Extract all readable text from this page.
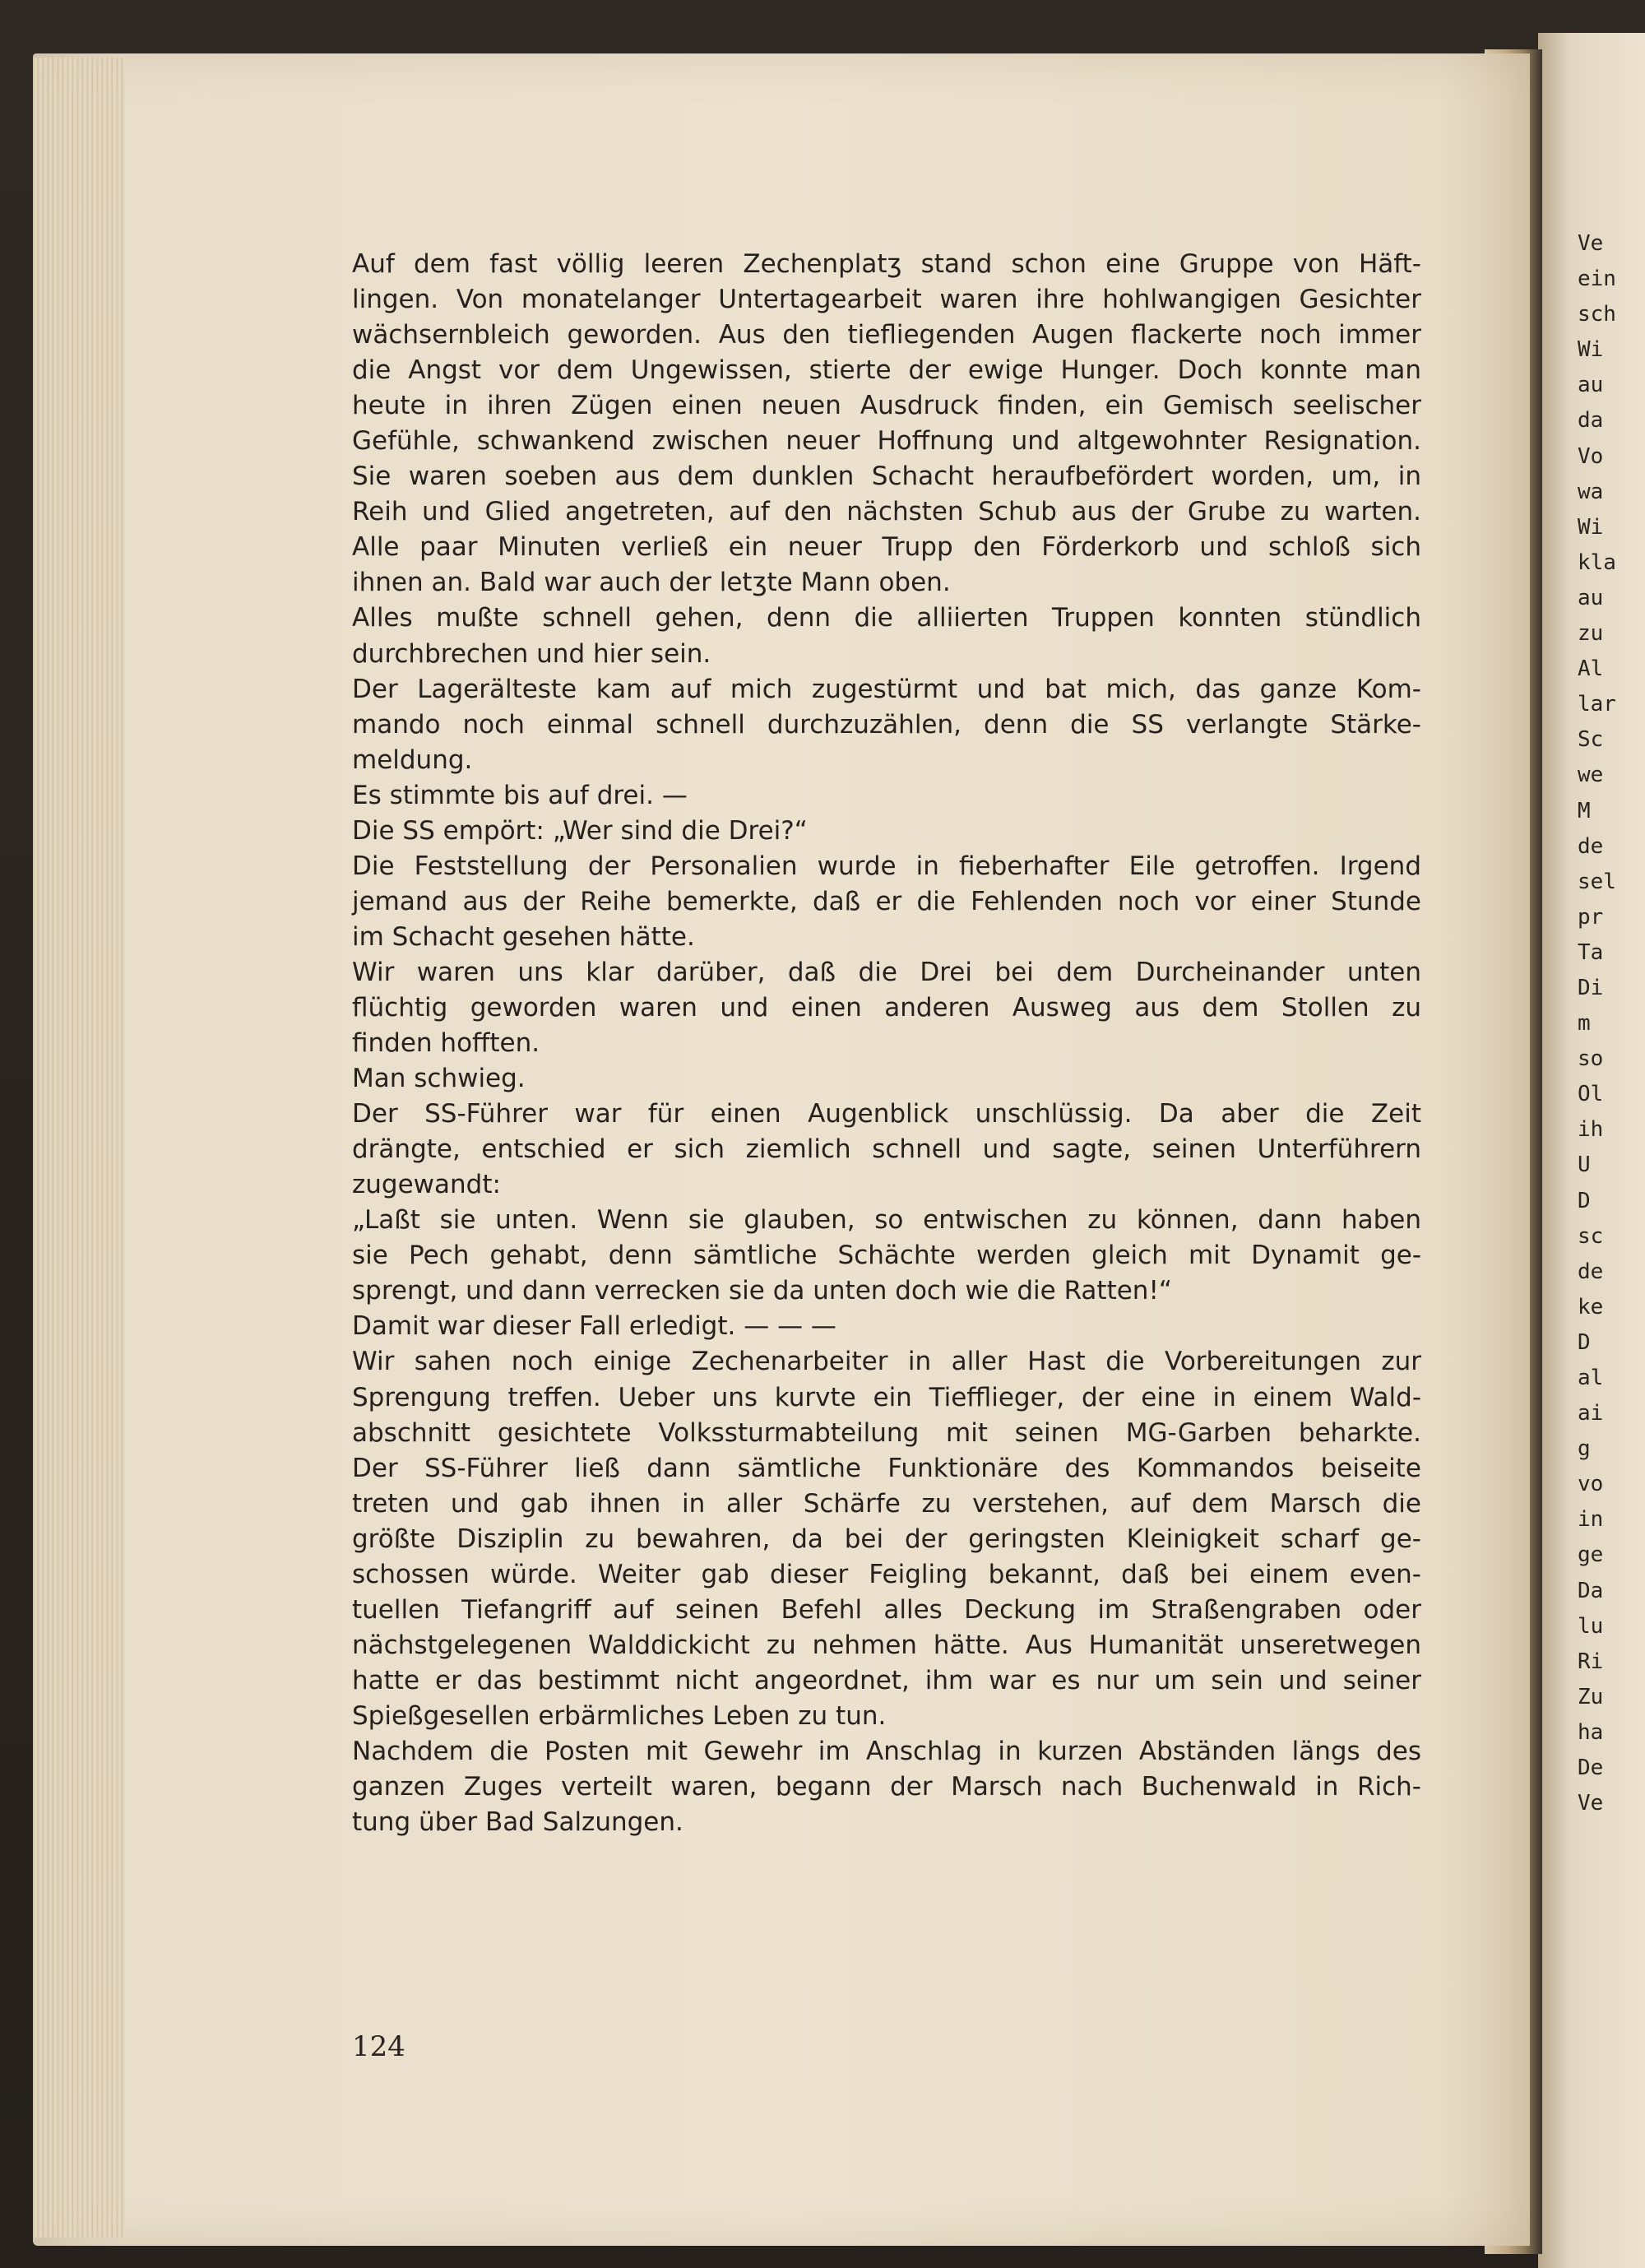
Auf dem fast völlig leeren Zechenplatʒ stand schon eine Gruppe von Häft-
lingen. Von monatelanger Untertagearbeit waren ihre hohlwangigen Gesichter
wächsernbleich geworden. Aus den tiefliegenden Augen flackerte noch immer
die Angst vor dem Ungewissen, stierte der ewige Hunger. Doch konnte man
heute in ihren Zügen einen neuen Ausdruck finden, ein Gemisch seelischer
Gefühle, schwankend zwischen neuer Hoffnung und altgewohnter Resignation.
Sie waren soeben aus dem dunklen Schacht heraufbefördert worden, um, in
Reih und Glied angetreten, auf den nächsten Schub aus der Grube zu warten.
Alle paar Minuten verließ ein neuer Trupp den Förderkorb und schloß sich
ihnen an. Bald war auch der letʒte Mann oben.
Alles mußte schnell gehen, denn die alliierten Truppen konnten stündlich
durchbrechen und hier sein.
Der Lagerälteste kam auf mich zugestürmt und bat mich, das ganze Kom-
mando noch einmal schnell durchzuzählen, denn die SS verlangte Stärke-
meldung.
Es stimmte bis auf drei. —
Die SS empört: „Wer sind die Drei?“
Die Feststellung der Personalien wurde in fieberhafter Eile getroffen. Irgend
jemand aus der Reihe bemerkte, daß er die Fehlenden noch vor einer Stunde
im Schacht gesehen hätte.
Wir waren uns klar darüber, daß die Drei bei dem Durcheinander unten
flüchtig geworden waren und einen anderen Ausweg aus dem Stollen zu
finden hofften.
Man schwieg.
Der SS-Führer war für einen Augenblick unschlüssig. Da aber die Zeit
drängte, entschied er sich ziemlich schnell und sagte, seinen Unterführern
zugewandt:
„Laßt sie unten. Wenn sie glauben, so entwischen zu können, dann haben
sie Pech gehabt, denn sämtliche Schächte werden gleich mit Dynamit ge-
sprengt, und dann verrecken sie da unten doch wie die Ratten!“
Damit war dieser Fall erledigt. — — —
Wir sahen noch einige Zechenarbeiter in aller Hast die Vorbereitungen zur
Sprengung treffen. Ueber uns kurvte ein Tiefflieger, der eine in einem Wald-
abschnitt gesichtete Volkssturmabteilung mit seinen MG-Garben beharkte.
Der SS-Führer ließ dann sämtliche Funktionäre des Kommandos beiseite
treten und gab ihnen in aller Schärfe zu verstehen, auf dem Marsch die
größte Disziplin zu bewahren, da bei der geringsten Kleinigkeit scharf ge-
schossen würde. Weiter gab dieser Feigling bekannt, daß bei einem even-
tuellen Tiefangriff auf seinen Befehl alles Deckung im Straßengraben oder
nächstgelegenen Walddickicht zu nehmen hätte. Aus Humanität unseretwegen
hatte er das bestimmt nicht angeordnet, ihm war es nur um sein und seiner
Spießgesellen erbärmliches Leben zu tun.
Nachdem die Posten mit Gewehr im Anschlag in kurzen Abständen längs des
ganzen Zuges verteilt waren, begann der Marsch nach Buchenwald in Rich-
tung über Bad Salzungen.
124
Ve
ein
sch
Wi
au
da
Vo
wa
Wi
kla
au
zu
Al
lar
Sc
we
M
de
sel
pr
Ta
Di
m
so
Ol
ih
U
D
sc
de
ke
D
al
ai
g
vo
in
ge
Da
lu
Ri
Zu
ha
De
Ve
